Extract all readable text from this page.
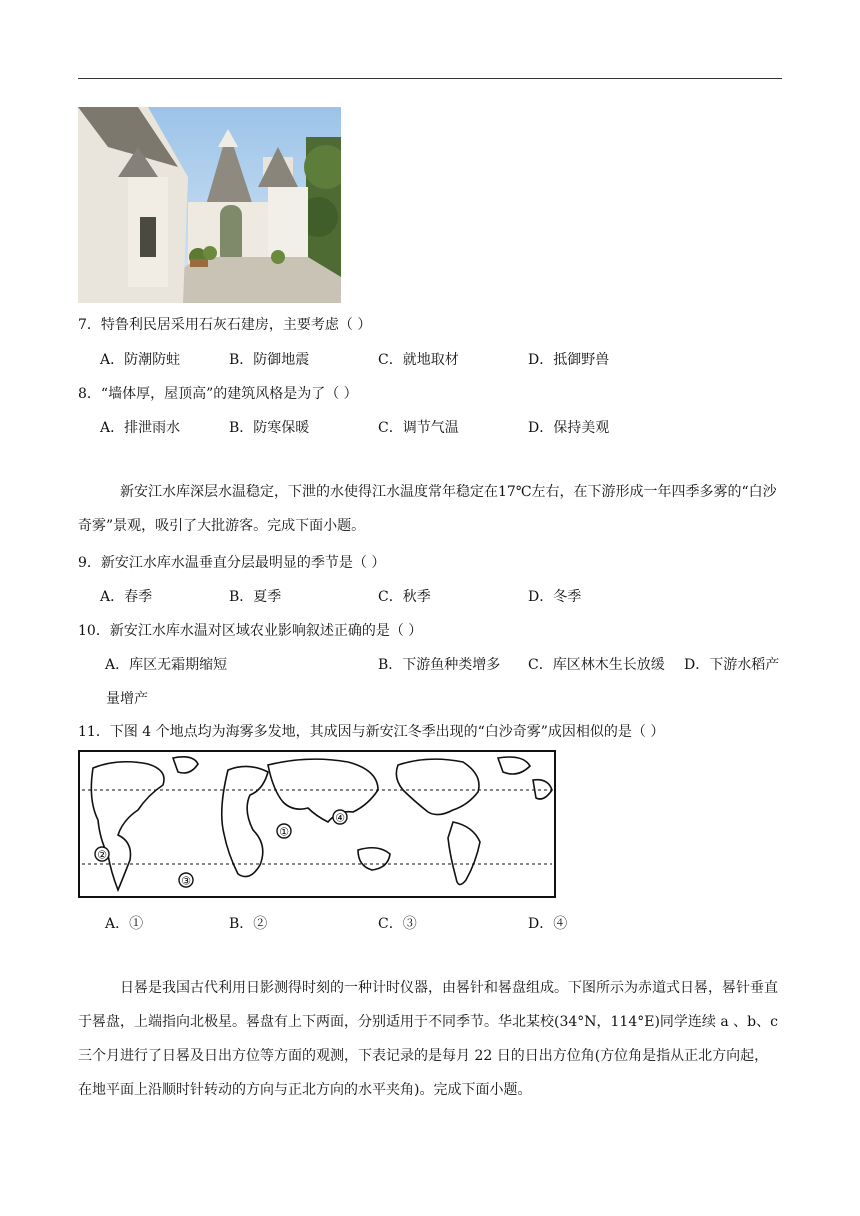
7．特鲁利民居采用石灰石建房，主要考虑（ ）
A．防潮防蛀	B．防御地震	C．就地取材	D．抵御野兽
8．“墙体厚，屋顶高”的建筑风格是为了（ ）
A．排泄雨水	B．防寒保暖	C．调节气温	D．保持美观
新安江水库深层水温稳定，下泄的水使得江水温度常年稳定在17℃左右，在下游形成一年四季多雾的“白沙奇雾”景观，吸引了大批游客。完成下面小题。
9．新安江水库水温垂直分层最明显的季节是（ ）
A．春季	B．夏季	C．秋季	D．冬季
10．新安江水库水温对区域农业影响叙述正确的是（ ）
A．库区无霜期缩短	B．下游鱼种类增多 C．库区林木生长放缓 D．下游水稻产
量增产
11．下图 4 个地点均为海雾多发地，其成因与新安江冬季出现的“白沙奇雾”成因相似的是（ ）
①
②
③
④
A．①	B．②	C．③	D．④
日晷是我国古代利用日影测得时刻的一种计时仪器，由晷针和晷盘组成。下图所示为赤道式日晷，晷针垂直于晷盘，上端指向北极星。晷盘有上下两面，分别适用于不同季节。华北某校(34°N，114°E)同学连续 a 、b、c 三个月进行了日晷及日出方位等方面的观测，下表记录的是每月 22 日的日出方位角(方位角是指从正北方向起，在地平面上沿顺时针转动的方向与正北方向的水平夹角)。完成下面小题。
